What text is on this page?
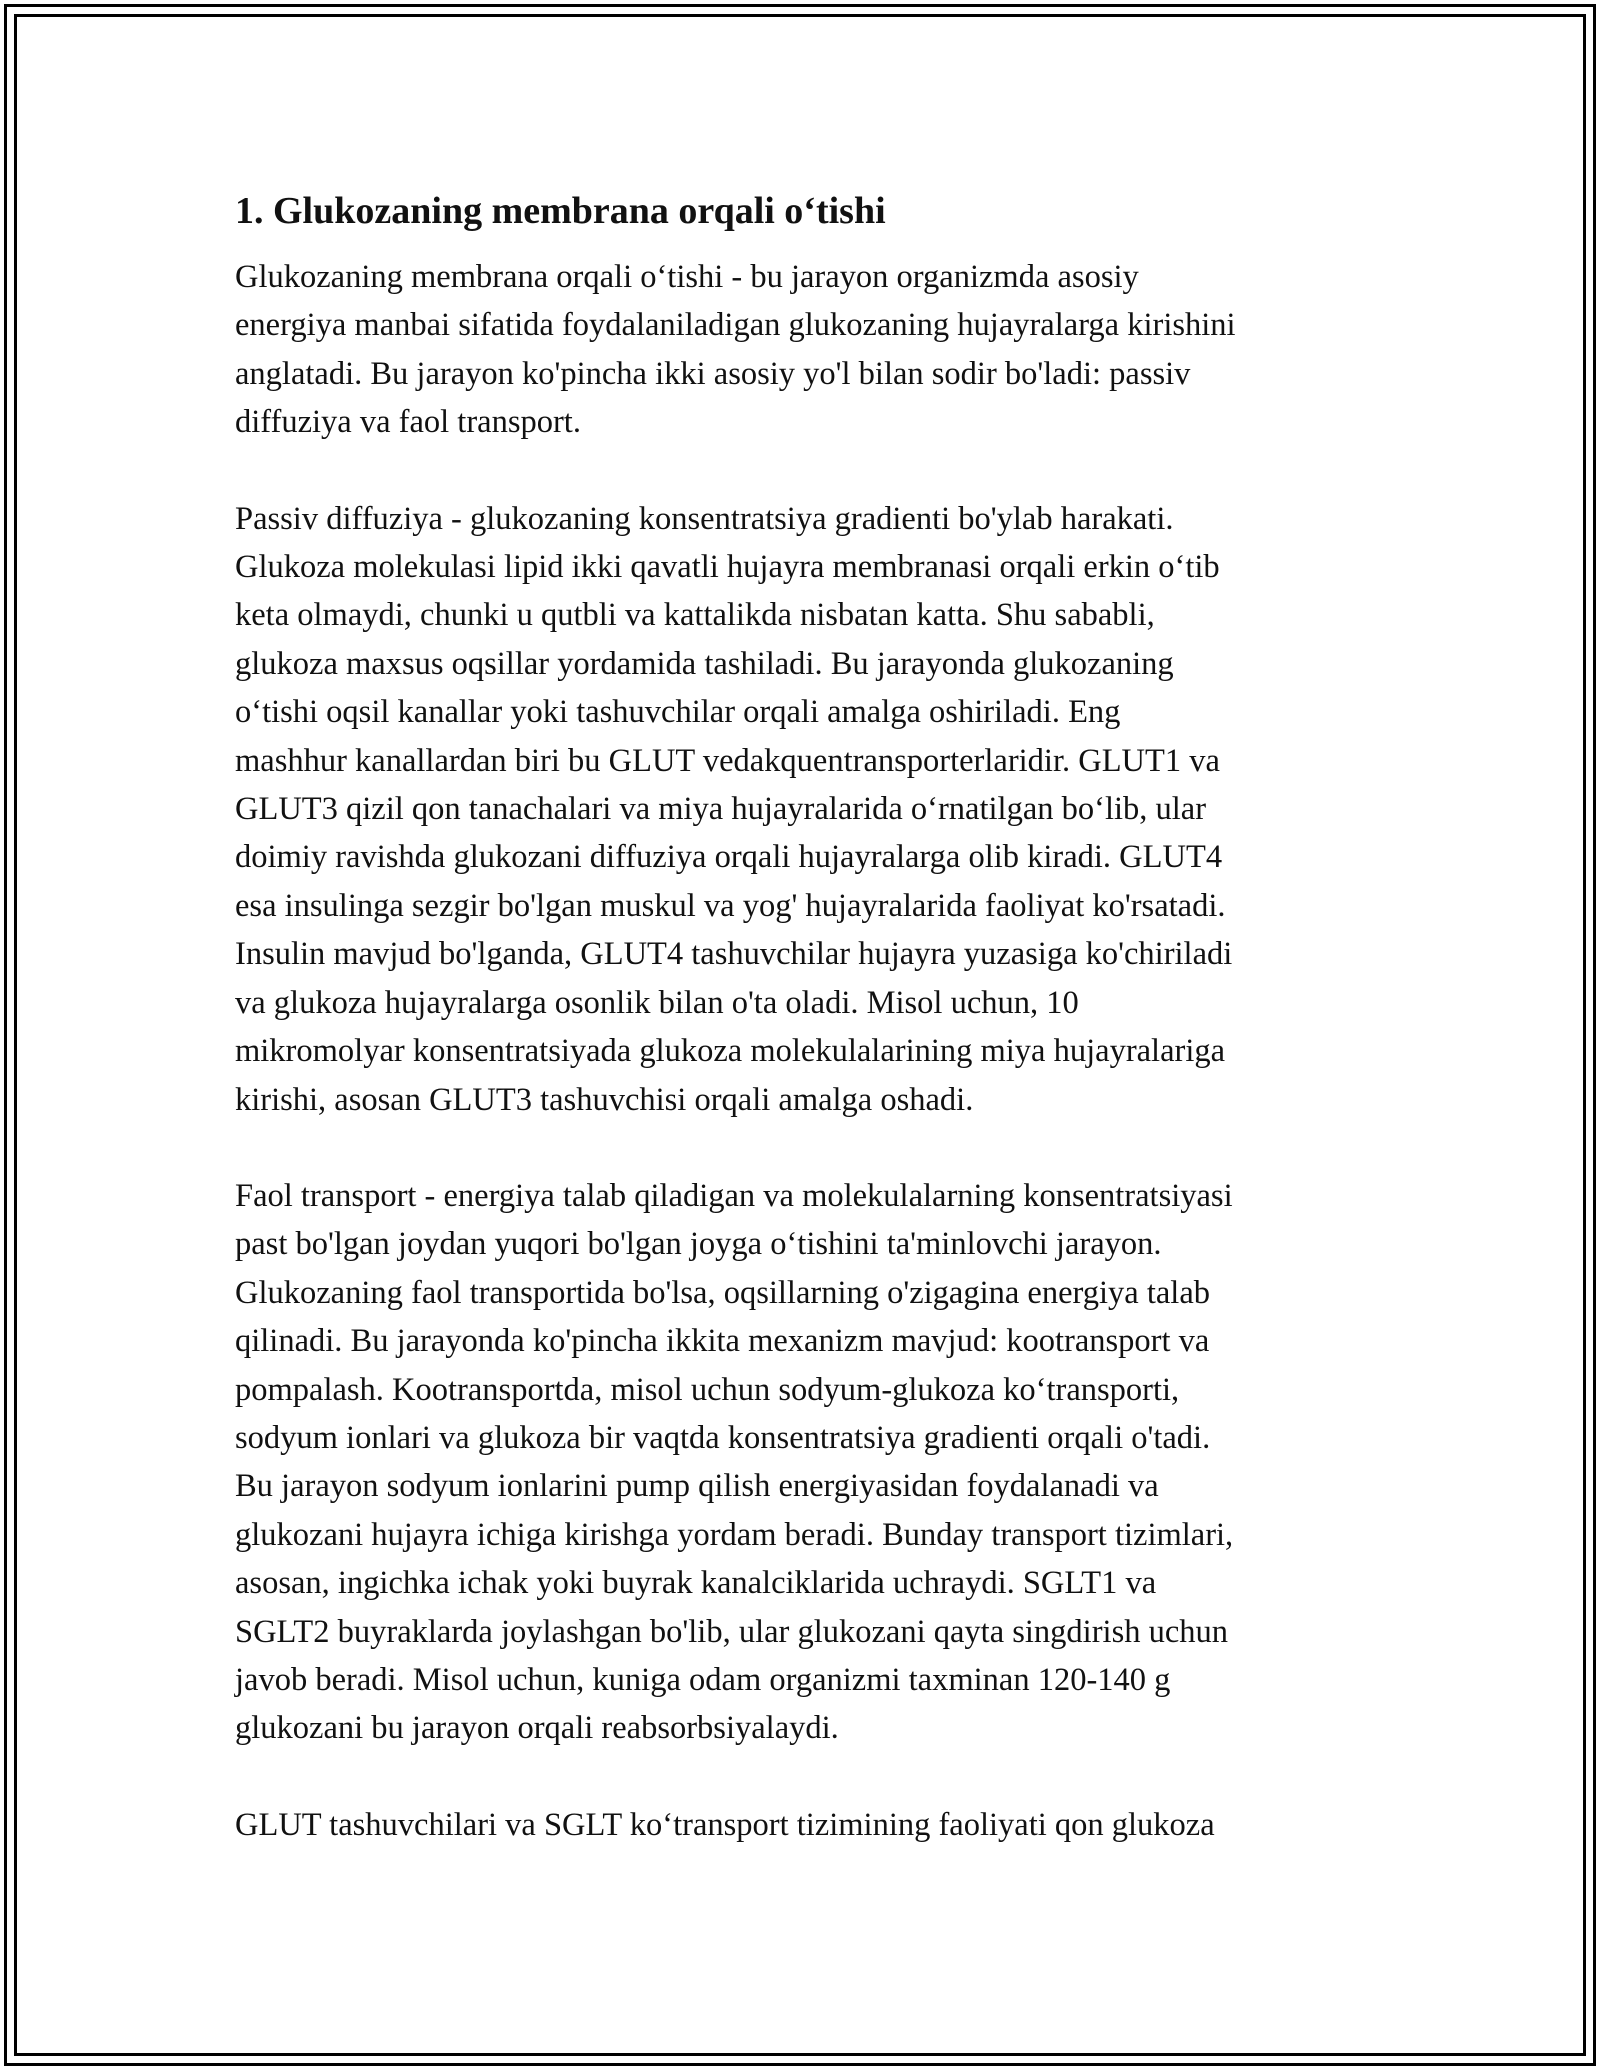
1. Glukozaning membrana orqali o‘tishi
Glukozaning membrana orqali o‘tishi - bu jarayon organizmda asosiy
energiya manbai sifatida foydalaniladigan glukozaning hujayralarga kirishini
anglatadi. Bu jarayon ko'pincha ikki asosiy yo'l bilan sodir bo'ladi: passiv
diffuziya va faol transport.
Passiv diffuziya - glukozaning konsentratsiya gradienti bo'ylab harakati.
Glukoza molekulasi lipid ikki qavatli hujayra membranasi orqali erkin o‘tib
keta olmaydi, chunki u qutbli va kattalikda nisbatan katta. Shu sababli,
glukoza maxsus oqsillar yordamida tashiladi. Bu jarayonda glukozaning
o‘tishi oqsil kanallar yoki tashuvchilar orqali amalga oshiriladi. Eng
mashhur kanallardan biri bu GLUT vedakquentransporterlaridir. GLUT1 va
GLUT3 qizil qon tanachalari va miya hujayralarida o‘rnatilgan bo‘lib, ular
doimiy ravishda glukozani diffuziya orqali hujayralarga olib kiradi. GLUT4
esa insulinga sezgir bo'lgan muskul va yog' hujayralarida faoliyat ko'rsatadi.
Insulin mavjud bo'lganda, GLUT4 tashuvchilar hujayra yuzasiga ko'chiriladi
va glukoza hujayralarga osonlik bilan o'ta oladi. Misol uchun, 10
mikromolyar konsentratsiyada glukoza molekulalarining miya hujayralariga
kirishi, asosan GLUT3 tashuvchisi orqali amalga oshadi.
Faol transport - energiya talab qiladigan va molekulalarning konsentratsiyasi
past bo'lgan joydan yuqori bo'lgan joyga o‘tishini ta'minlovchi jarayon.
Glukozaning faol transportida bo'lsa, oqsillarning o'zigagina energiya talab
qilinadi. Bu jarayonda ko'pincha ikkita mexanizm mavjud: kootransport va
pompalash. Kootransportda, misol uchun sodyum-glukoza ko‘transporti,
sodyum ionlari va glukoza bir vaqtda konsentratsiya gradienti orqali o'tadi.
Bu jarayon sodyum ionlarini pump qilish energiyasidan foydalanadi va
glukozani hujayra ichiga kirishga yordam beradi. Bunday transport tizimlari,
asosan, ingichka ichak yoki buyrak kanalciklarida uchraydi. SGLT1 va
SGLT2 buyraklarda joylashgan bo'lib, ular glukozani qayta singdirish uchun
javob beradi. Misol uchun, kuniga odam organizmi taxminan 120-140 g
glukozani bu jarayon orqali reabsorbsiyalaydi.
GLUT tashuvchilari va SGLT ko‘transport tizimining faoliyati qon glukoza
